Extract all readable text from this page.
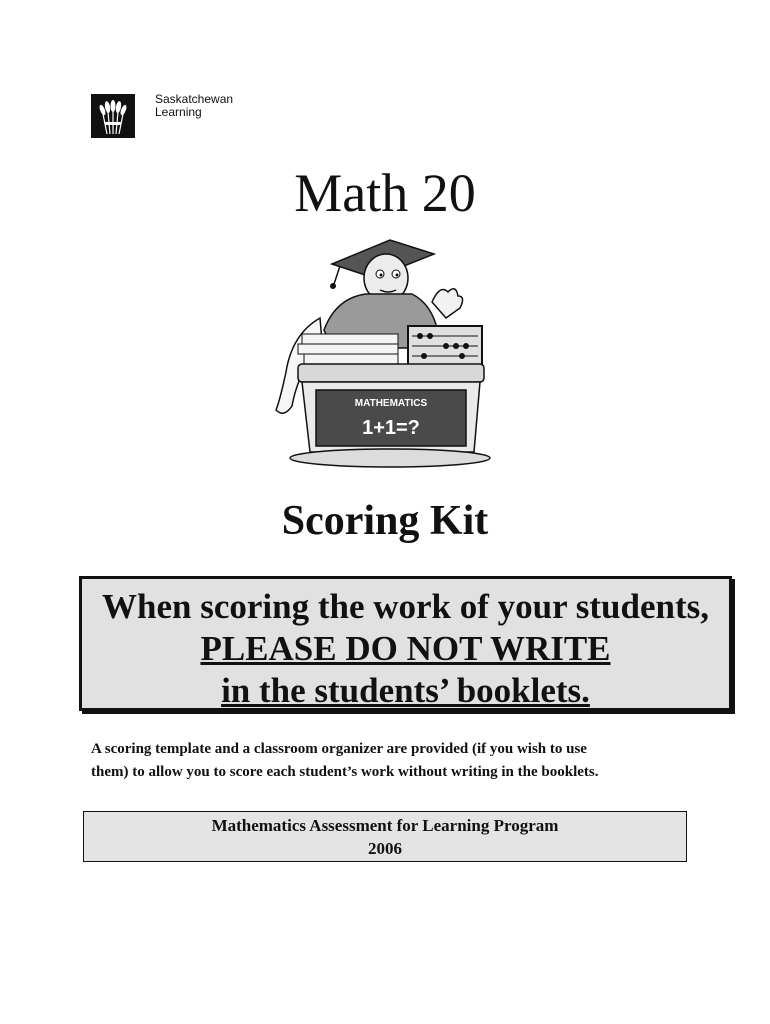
Saskatchewan
Learning
Math 20
MATHEMATICS
1+1=?
Scoring Kit
When scoring the work of your students,
PLEASE DO NOT WRITE
in the students’ booklets.
A scoring template and a classroom organizer are provided (if you wish to use
them) to allow you to score each student’s work without writing in the booklets.
Mathematics Assessment for Learning Program
2006
